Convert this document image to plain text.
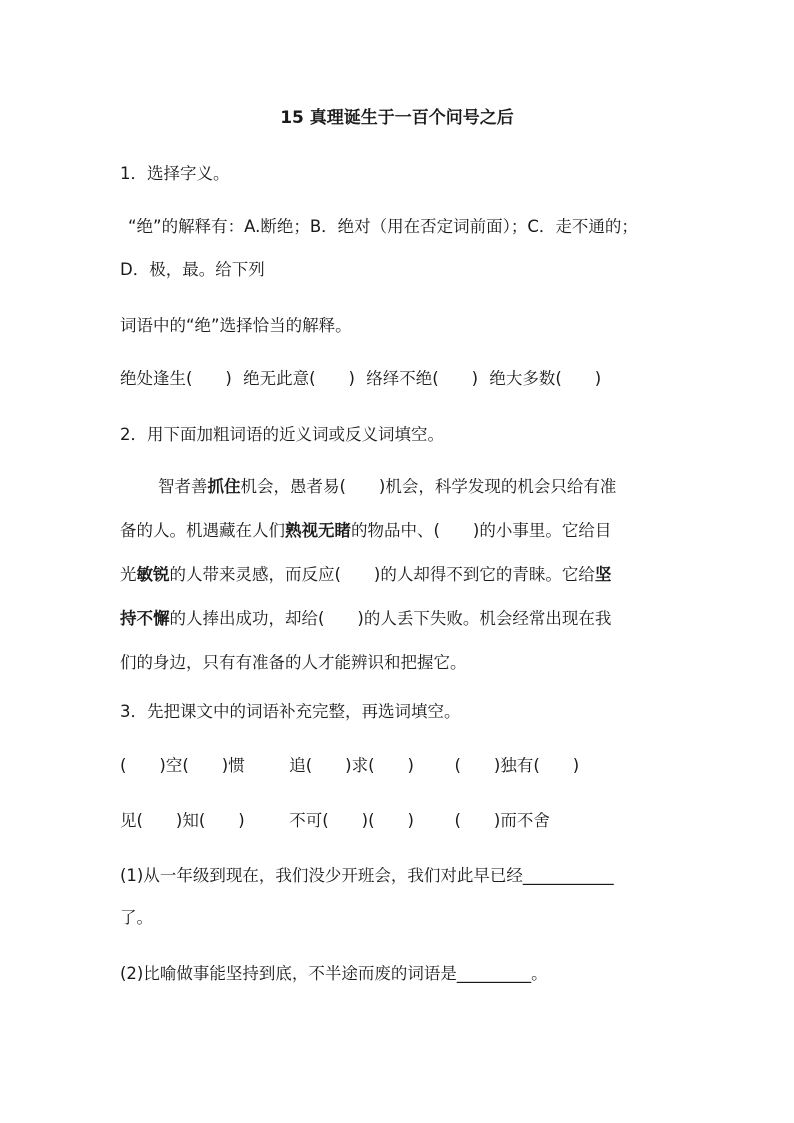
15 真理诞生于一百个问号之后
1．选择字义。
“绝”的解释有：A.断绝；B．绝对（用在否定词前面）；C．走不通的；
D．极，最。给下列
词语中的“绝”选择恰当的解释。
绝处逢生(　　) 绝无此意(　　) 络绎不绝(　　) 绝大多数(　　)
2．用下面加粗词语的近义词或反义词填空。
智者善抓住机会，愚者易(　　)机会，科学发现的机会只给有准
备的人。机遇藏在人们熟视无睹的物品中、(　　)的小事里。它给目
光敏锐的人带来灵感，而反应(　　)的人却得不到它的青睐。它给坚
持不懈的人捧出成功，却给(　　)的人丢下失败。机会经常出现在我
们的身边，只有有准备的人才能辨识和把握它。
3．先把课文中的词语补充完整，再选词填空。
(　　)空(　　)惯	追(　　)求(　　) (　　)独有(　　)
见(　　)知(　　)	不可(　　)(　　) (　　)而不舍
(1)从一年级到现在，我们没少开班会，我们对此早已经___________
了。
(2)比喻做事能坚持到底，不半途而废的词语是_________。
